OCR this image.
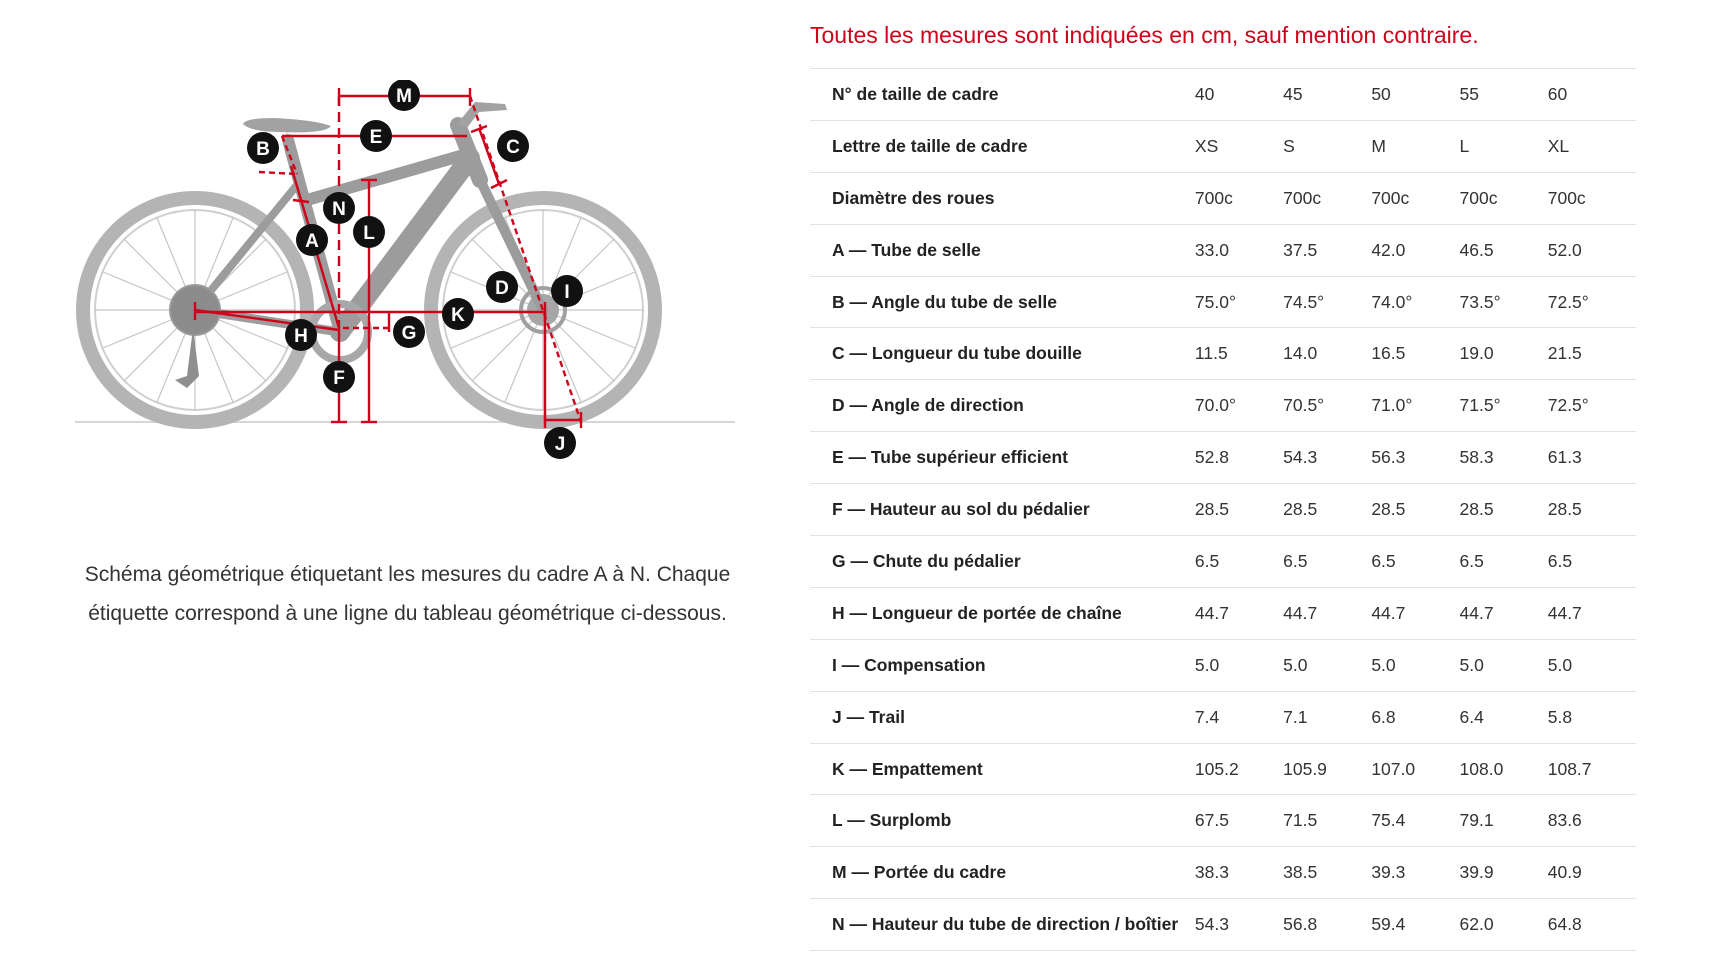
M
E
B	C
N
L
A
D	I
K
G
H
F
J
Schéma géométrique étiquetant les mesures du cadre A à N. Chaque étiquette correspond à une ligne du tableau géométrique ci-dessous.
Toutes les mesures sont indiquées en cm, sauf mention contraire.
N° de taille de cadre	40	45	50	55	60
Lettre de taille de cadre	XS	S	M	L	XL
Diamètre des roues	700c	700c	700c	700c	700c
A — Tube de selle	33.0	37.5	42.0	46.5	52.0
B — Angle du tube de selle	75.0°	74.5°	74.0°	73.5°	72.5°
C — Longueur du tube douille	11.5	14.0	16.5	19.0	21.5
D — Angle de direction	70.0°	70.5°	71.0°	71.5°	72.5°
E — Tube supérieur efficient	52.8	54.3	56.3	58.3	61.3
F — Hauteur au sol du pédalier	28.5	28.5	28.5	28.5	28.5
G — Chute du pédalier	6.5	6.5	6.5	6.5	6.5
H — Longueur de portée de chaîne	44.7	44.7	44.7	44.7	44.7
I — Compensation	5.0	5.0	5.0	5.0	5.0
J — Trail	7.4	7.1	6.8	6.4	5.8
K — Empattement	105.2	105.9	107.0	108.0	108.7
L — Surplomb	67.5	71.5	75.4	79.1	83.6
M — Portée du cadre	38.3	38.5	39.3	39.9	40.9
N — Hauteur du tube de direction / boîtier	54.3	56.8	59.4	62.0	64.8
